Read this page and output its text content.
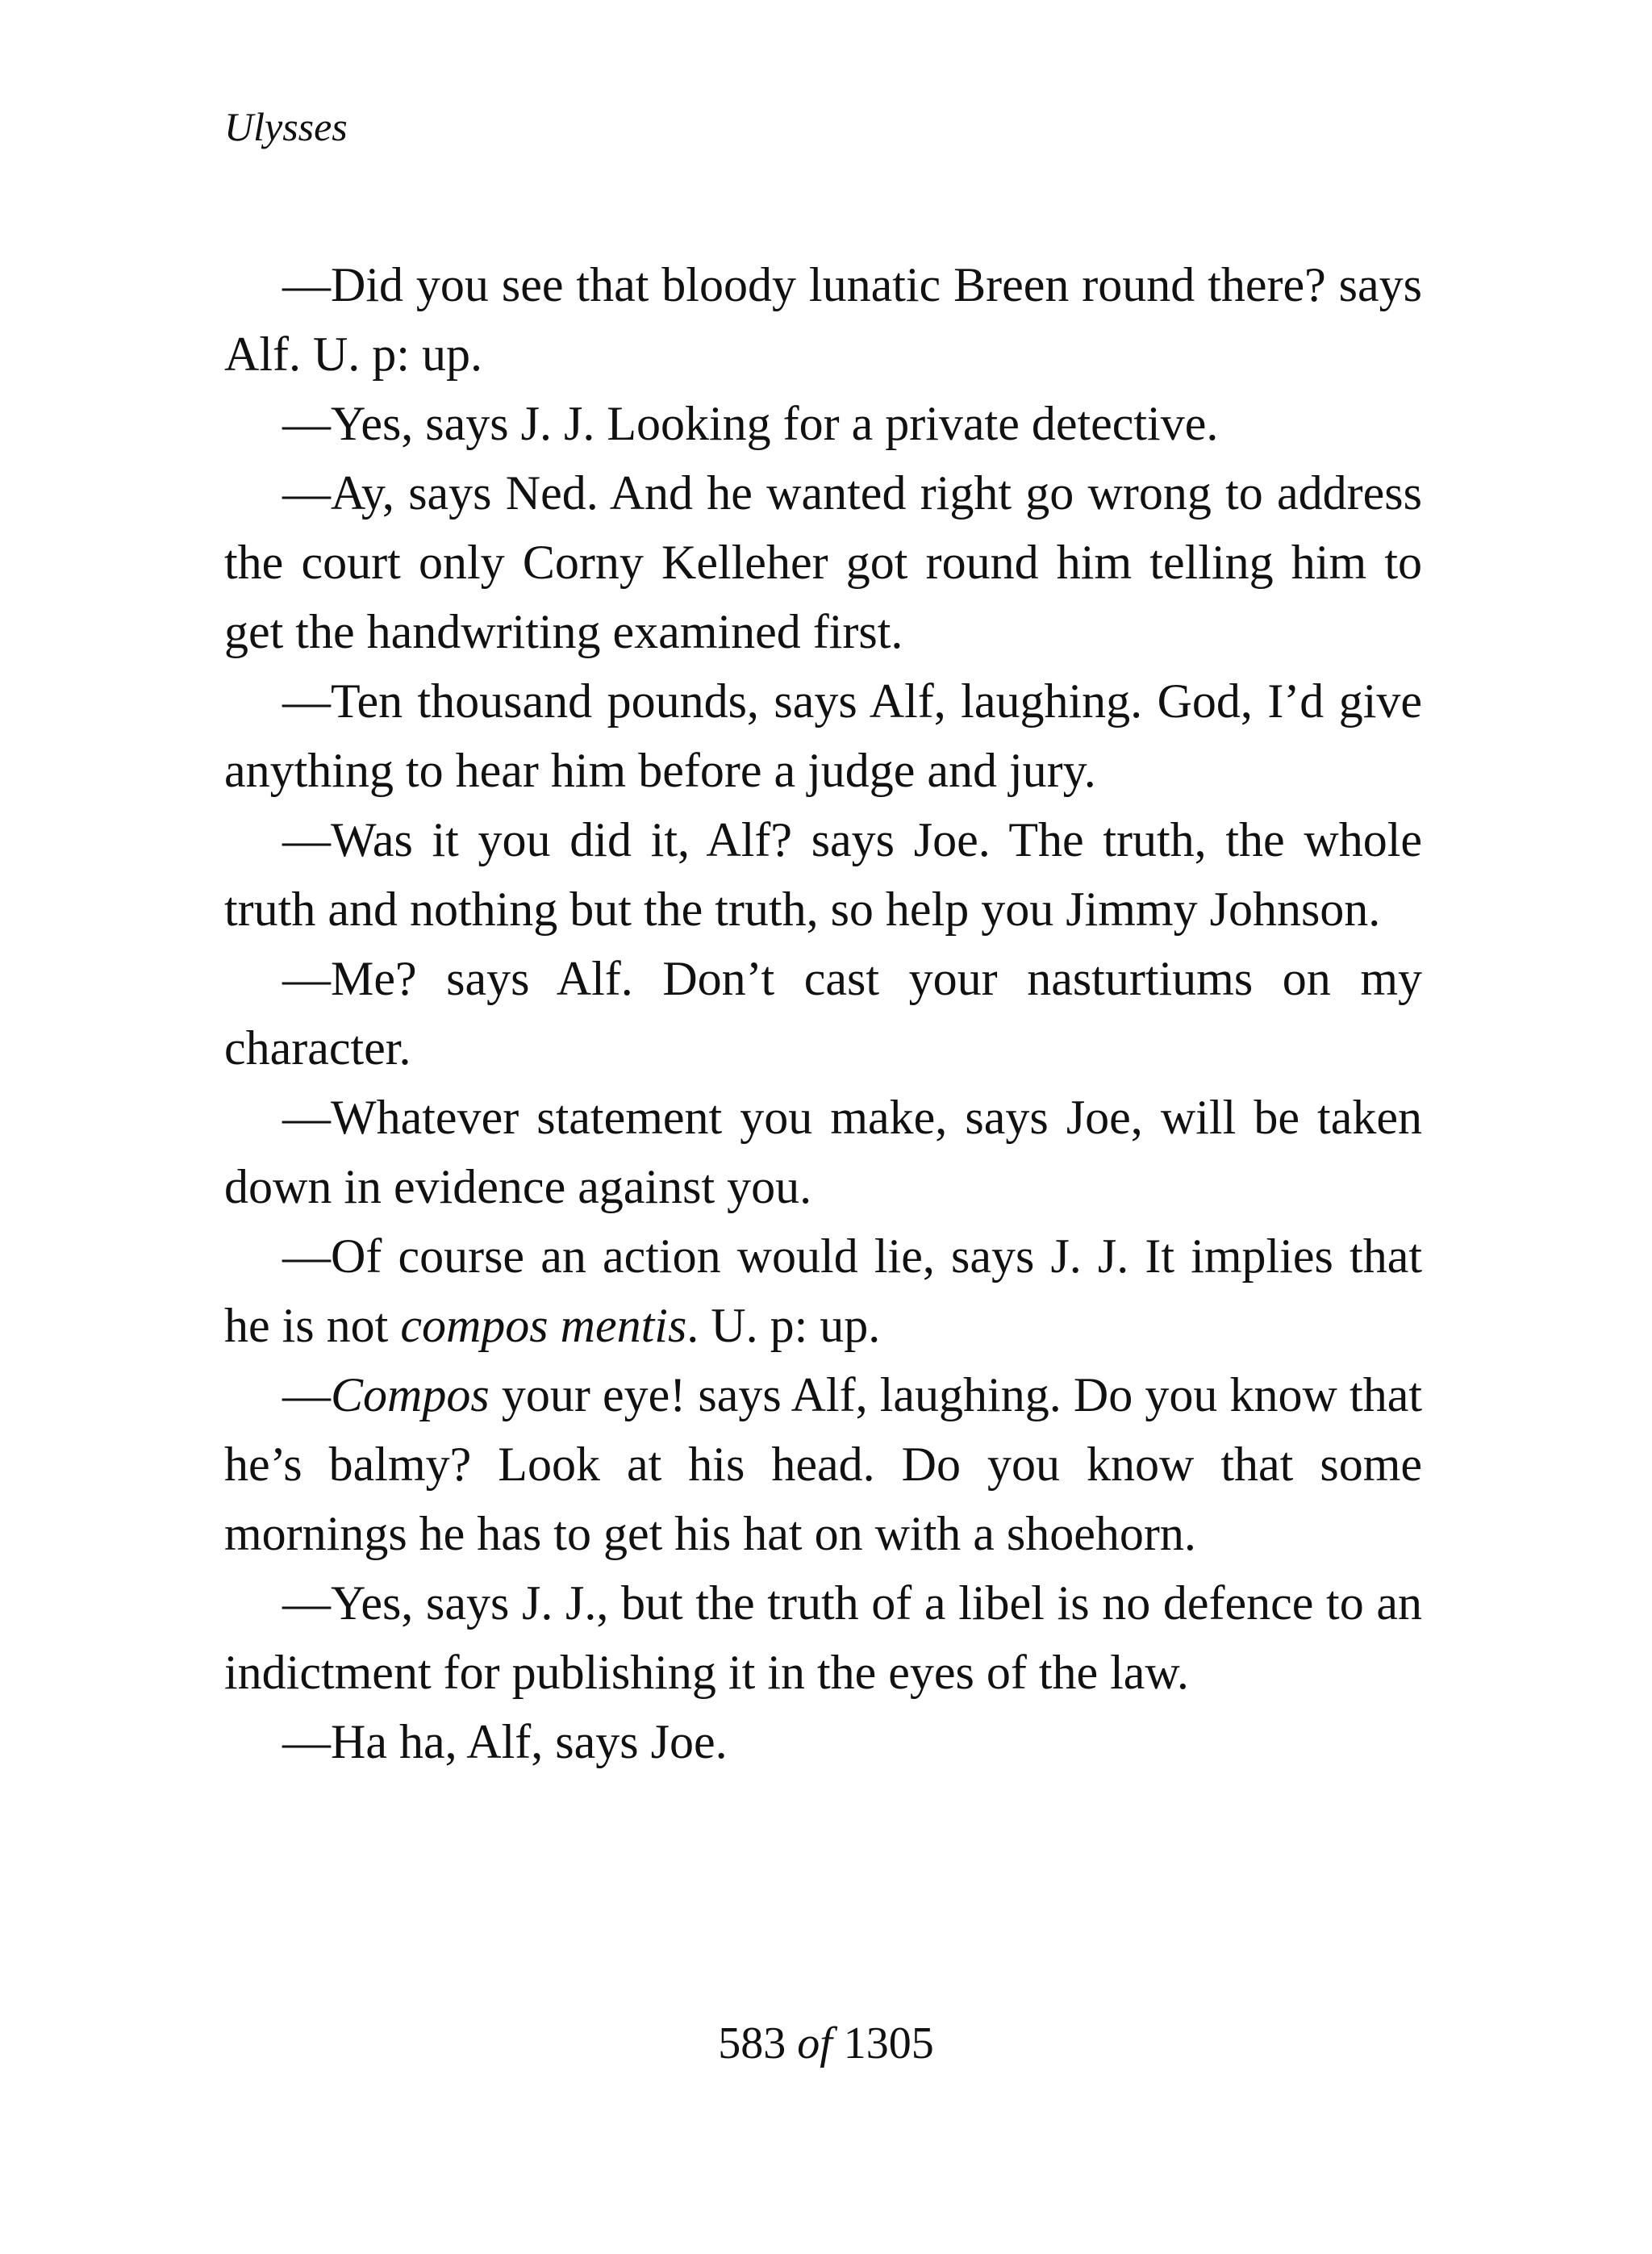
Ulysses

—Did you see that bloody lunatic Breen round there? says Alf. U. p: up.

—Yes, says J. J. Looking for a private detective.

—Ay, says Ned. And he wanted right go wrong to address the court only Corny Kelleher got round him telling him to get the handwriting examined first.

—Ten thousand pounds, says Alf, laughing. God, I’d give anything to hear him before a judge and jury.

—Was it you did it, Alf? says Joe. The truth, the whole truth and nothing but the truth, so help you Jimmy Johnson.

—Me? says Alf. Don’t cast your nasturtiums on my character.

—Whatever statement you make, says Joe, will be taken down in evidence against you.

—Of course an action would lie, says J. J. It implies that he is not compos mentis. U. p: up.

—Compos your eye! says Alf, laughing. Do you know that he’s balmy? Look at his head. Do you know that some mornings he has to get his hat on with a shoehorn.

—Yes, says J. J., but the truth of a libel is no defence to an indictment for publishing it in the eyes of the law.

—Ha ha, Alf, says Joe.

583 of 1305
